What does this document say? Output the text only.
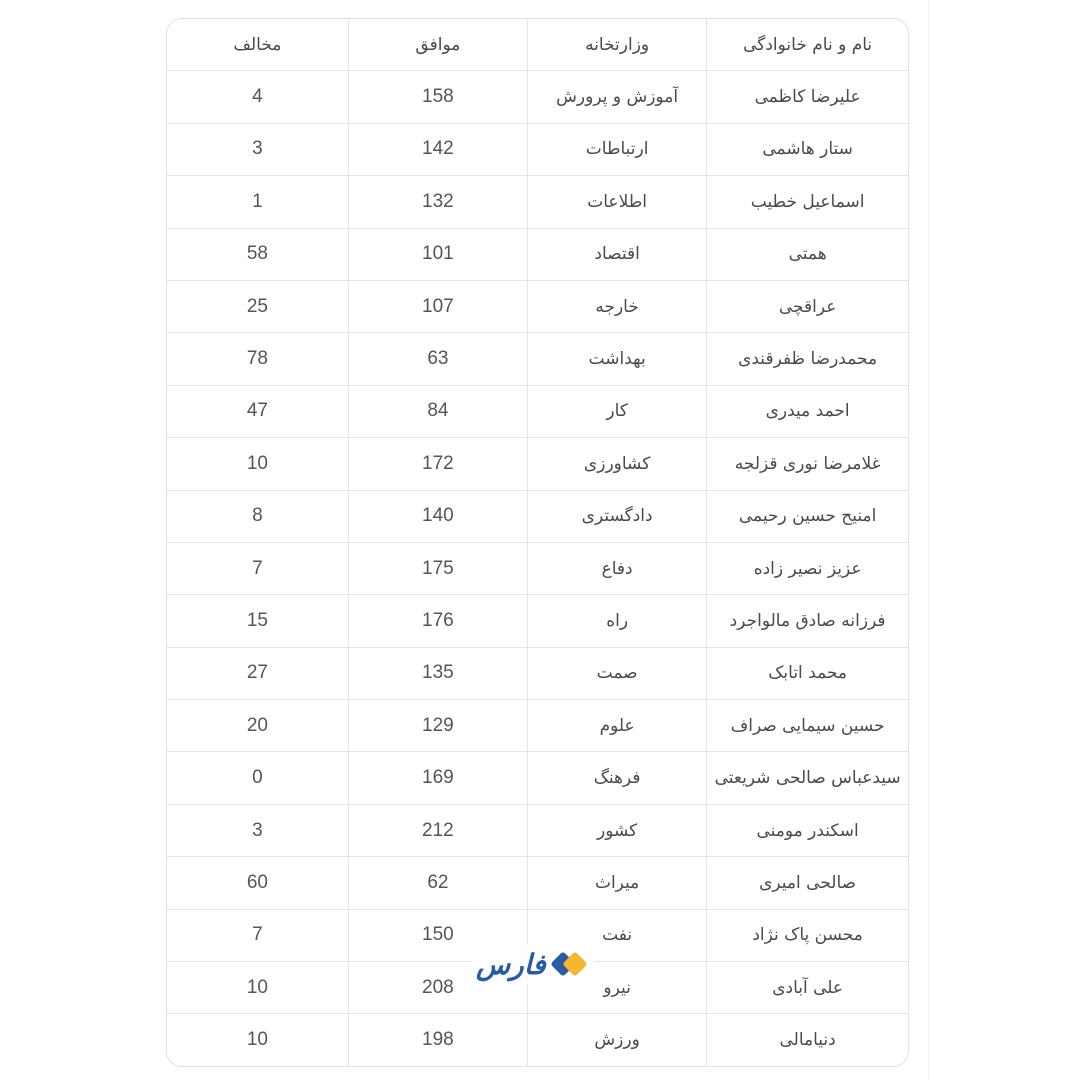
نام و نام خانوادگی	وزارتخانه	موافق	مخالف
علیرضا کاظمی	آموزش و پرورش	158	4
ستار هاشمی	ارتباطات	142	3
اسماعیل خطیب	اطلاعات	132	1
همتی	اقتصاد	101	58
عراقچی	خارجه	107	25
محمدرضا ظفرقندی	بهداشت	63	78
احمد میدری	کار	84	47
غلامرضا نوری قزلجه	کشاورزی	172	10
امنیح حسین رحیمی	دادگستری	140	8
عزیز نصیر زاده	دفاع	175	7
فرزانه صادق مالواجرد	راه	176	15
محمد اتابک	صمت	135	27
حسین سیمایی صراف	علوم	129	20
سیدعباس صالحی شریعتی	فرهنگ	169	0
اسکندر مومنی	کشور	212	3
صالحی امیری	میراث	62	60
محسن پاک نژاد	نفت	150	7
علی آبادی	نیرو	208	10
دنیامالی	ورزش	198	10
فارس
